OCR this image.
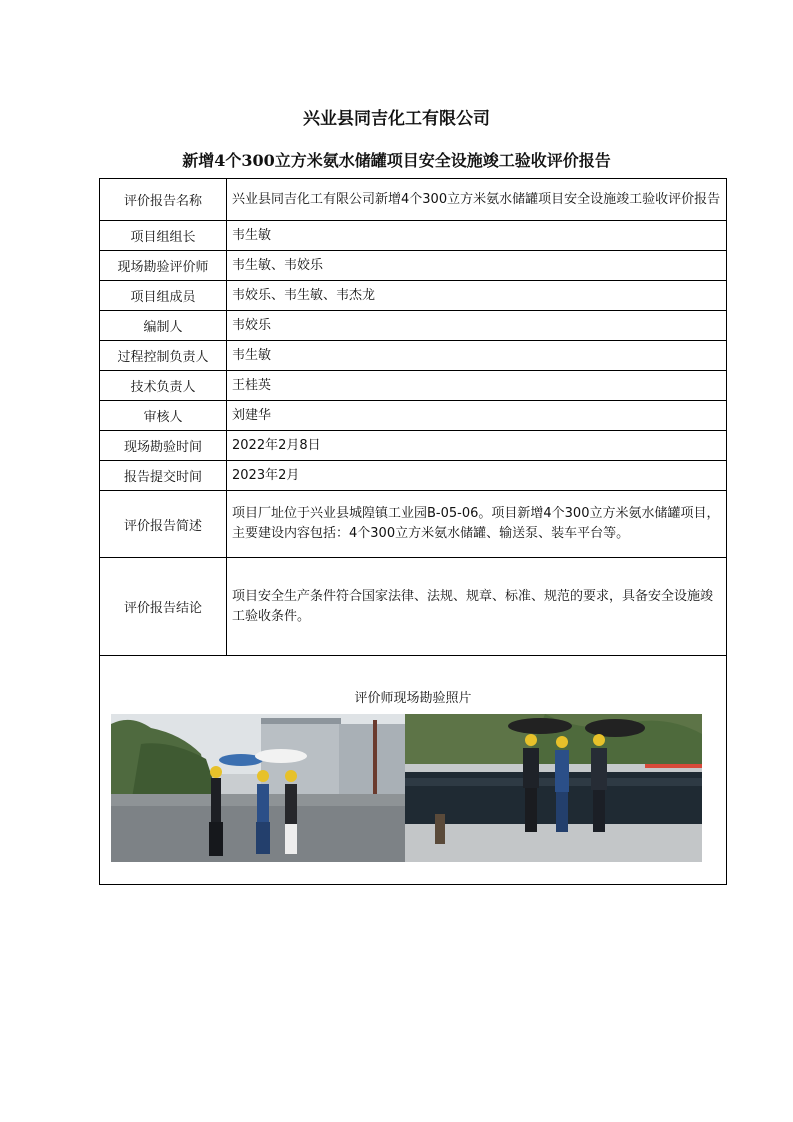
兴业县同吉化工有限公司
新增4个300立方米氨水储罐项目安全设施竣工验收评价报告
评价报告名称	兴业县同吉化工有限公司新增4个300立方米氨水储罐项目安全设施竣工验收评价报告
项目组组长	韦生敏
现场勘验评价师	韦生敏、韦姣乐
项目组成员	韦姣乐、韦生敏、韦杰龙
编制人	韦姣乐
过程控制负责人	韦生敏
技术负责人	王桂英
审核人	刘建华
现场勘验时间	2022年2月8日
报告提交时间	2023年2月
评价报告简述	项目厂址位于兴业县城隍镇工业园B-05-06。项目新增4个300立方米氨水储罐项目，主要建设内容包括：4个300立方米氨水储罐、输送泵、装车平台等。
评价报告结论	项目安全生产条件符合国家法律、法规、规章、标准、规范的要求，具备安全设施竣工验收条件。

评价师现场勘验照片	
